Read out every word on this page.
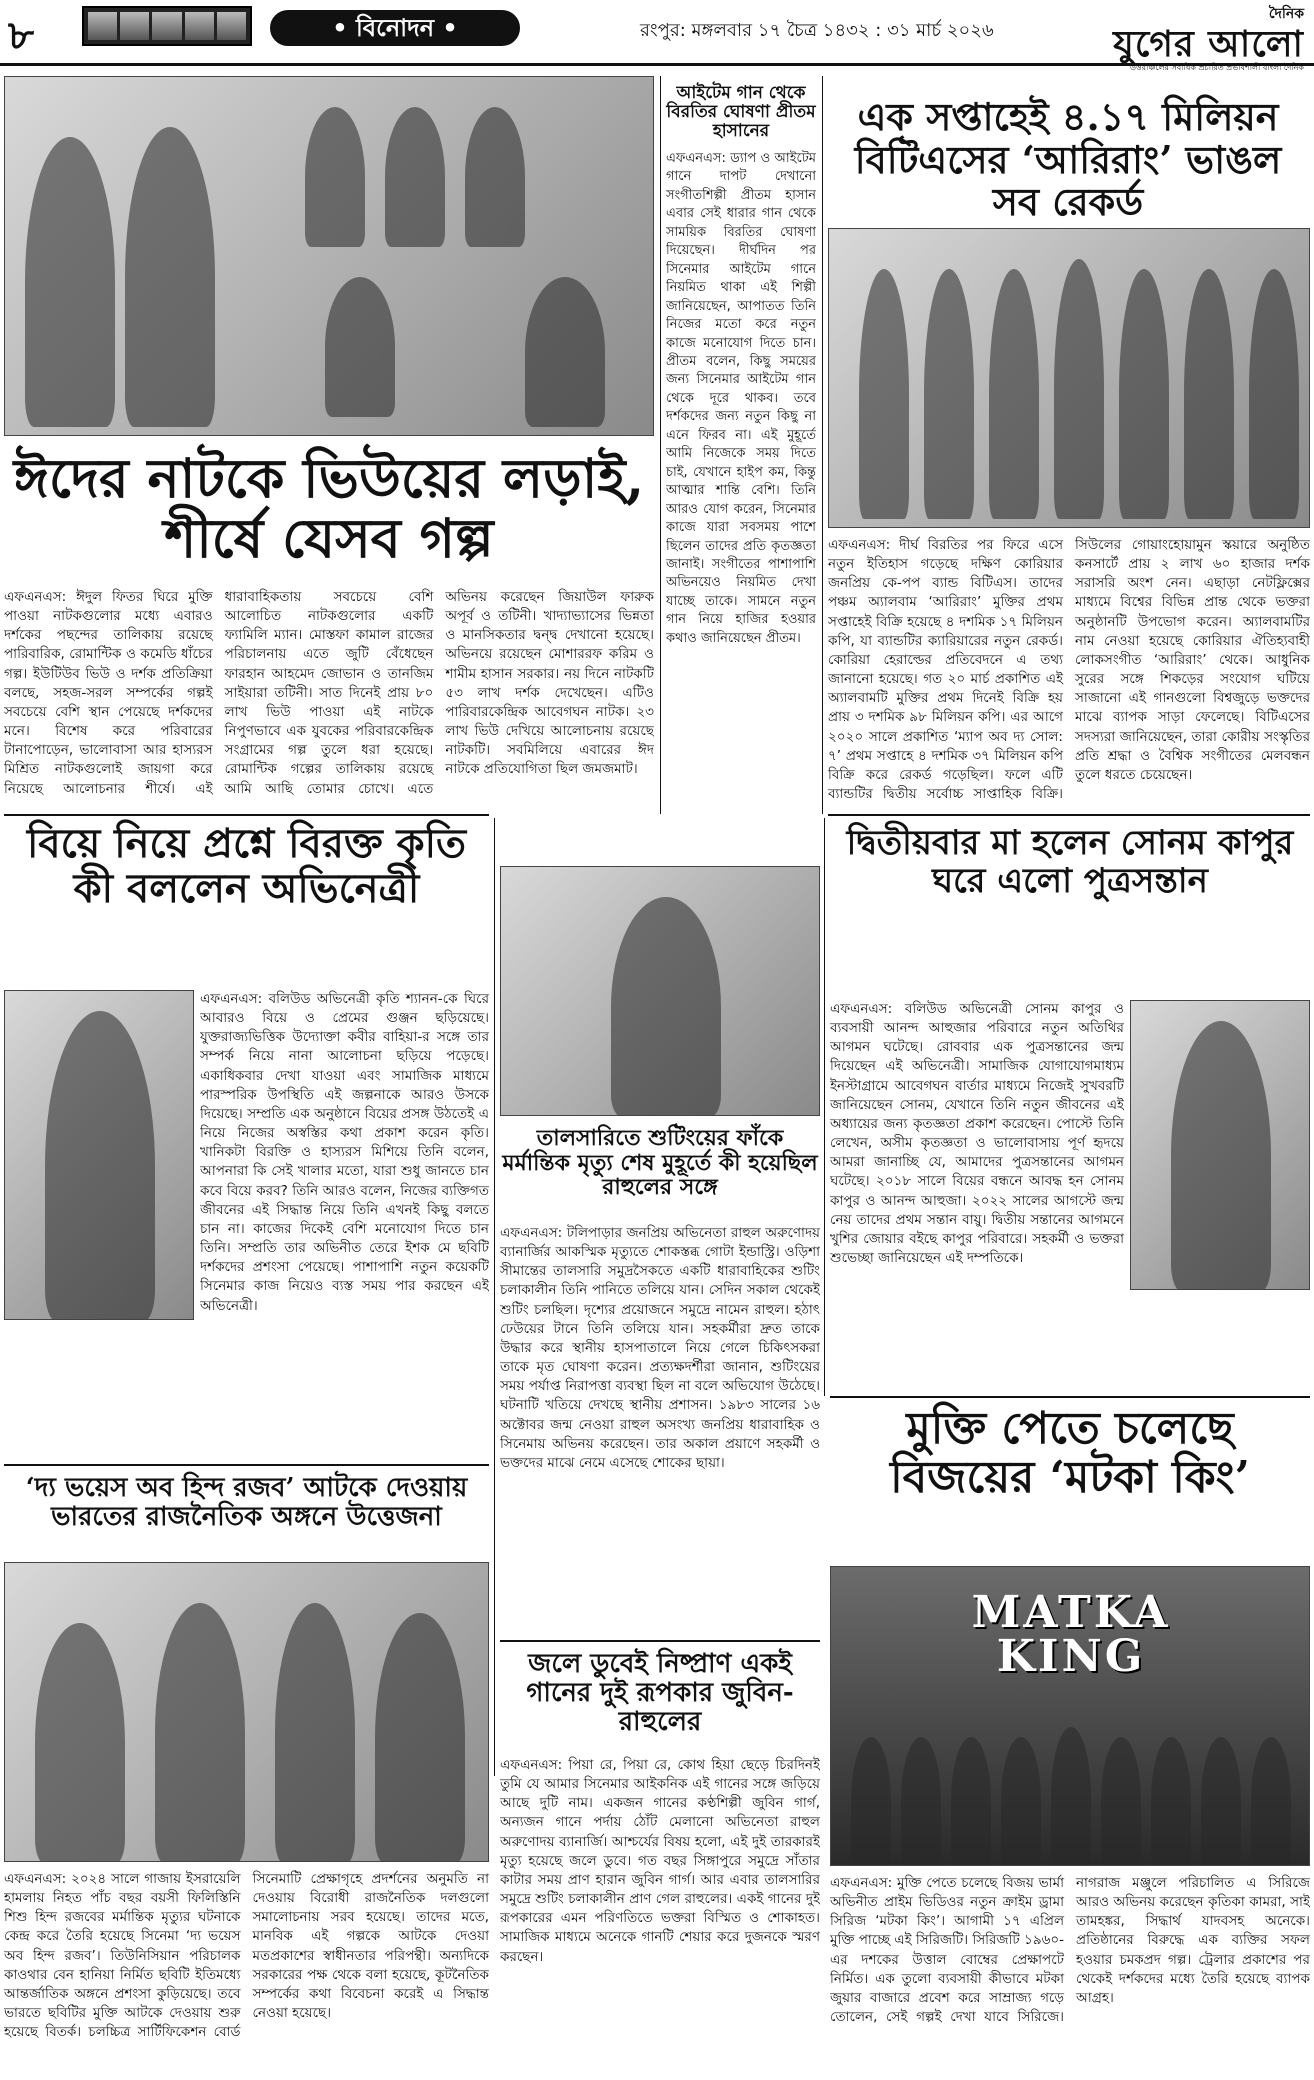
৮	• বিনোদন •	রংপুর: মঙ্গলবার ১৭ চৈত্র ১৪৩২ : ৩১ মার্চ ২০২৬
দৈনিক
যুগের আলো
উত্তরাঞ্চলের সর্বাধিক প্রচারিত প্রভাবশালী বাংলা দৈনিক
ঈদের নাটকে ভিউয়ের লড়াই, শীর্ষে যেসব গল্প
এফএনএস: ঈদুল ফিতর ঘিরে মুক্তি পাওয়া নাটকগুলোর মধ্যে এবারও দর্শকের পছন্দের তালিকায় রয়েছে পারিবারিক, রোমান্টিক ও কমেডি ধাঁচের গল্প। ইউটিউব ভিউ ও দর্শক প্রতিক্রিয়া বলছে, সহজ-সরল সম্পর্কের গল্পই সবচেয়ে বেশি স্থান পেয়েছে দর্শকদের মনে। বিশেষ করে পরিবারের টানাপোড়েন, ভালোবাসা আর হাস্যরস মিশ্রিত নাটকগুলোই জায়গা করে নিয়েছে আলোচনার শীর্ষে। এই ধারাবাহিকতায় সবচেয়ে বেশি আলোচিত নাটকগুলোর একটি ফ্যামিলি ম্যান। মোস্তফা কামাল রাজের পরিচালনায় এতে জুটি বেঁধেছেন ফারহান আহমেদ জোভান ও তানজিম সাইয়ারা তটিনী। সাত দিনেই প্রায় ৮০ লাখ ভিউ পাওয়া এই নাটকে নিপুণভাবে এক যুবকের পরিবারকেন্দ্রিক সংগ্রামের গল্প তুলে ধরা হয়েছে। রোমান্টিক গল্পের তালিকায় রয়েছে আমি আছি তোমার চোখে। এতে অভিনয় করেছেন জিয়াউল ফারুক অপূর্ব ও তটিনী। খাদ্যাভ্যাসের ভিন্নতা ও মানসিকতার দ্বন্দ্ব দেখানো হয়েছে। অভিনয়ে রয়েছেন মোশাররফ করিম ও শামীম হাসান সরকার। নয় দিনে নাটকটি ৫৩ লাখ দর্শক দেখেছেন। এটিও পারিবারকেন্দ্রিক আবেগঘন নাটক। ২৩ লাখ ভিউ দেখিয়ে আলোচনায় রয়েছে নাটকটি। সবমিলিয়ে এবারের ঈদ নাটকে প্রতিযোগিতা ছিল জমজমাট।
আইটেম গান থেকে বিরতির ঘোষণা প্রীতম হাসানের
এফএনএস: ড্যাপ ও আইটেম গানে দাপট দেখানো সংগীতশিল্পী প্রীতম হাসান এবার সেই ধারার গান থেকে সাময়িক বিরতির ঘোষণা দিয়েছেন। দীর্ঘদিন পর সিনেমার আইটেম গানে নিয়মিত থাকা এই শিল্পী জানিয়েছেন, আপাতত তিনি নিজের মতো করে নতুন কাজে মনোযোগ দিতে চান। প্রীতম বলেন, কিছু সময়ের জন্য সিনেমার আইটেম গান থেকে দূরে থাকব। তবে দর্শকদের জন্য নতুন কিছু না এনে ফিরব না। এই মুহূর্তে আমি নিজেকে সময় দিতে চাই, যেখানে হাইপ কম, কিন্তু আত্মার শান্তি বেশি। তিনি আরও যোগ করেন, সিনেমার কাজে যারা সবসময় পাশে ছিলেন তাদের প্রতি কৃতজ্ঞতা জানাই। সংগীতের পাশাপাশি অভিনয়েও নিয়মিত দেখা যাচ্ছে তাকে। সামনে নতুন গান নিয়ে হাজির হওয়ার কথাও জানিয়েছেন প্রীতম।
এক সপ্তাহেই ৪.১৭ মিলিয়ন বিটিএসের ‘আরিরাং’ ভাঙল সব রেকর্ড
এফএনএস: দীর্ঘ বিরতির পর ফিরে এসে নতুন ইতিহাস গড়েছে দক্ষিণ কোরিয়ার জনপ্রিয় কে-পপ ব্যান্ড বিটিএস। তাদের পঞ্চম অ্যালবাম ‘আরিরাং’ মুক্তির প্রথম সপ্তাহেই বিক্রি হয়েছে ৪ দশমিক ১৭ মিলিয়ন কপি, যা ব্যান্ডটির ক্যারিয়ারের নতুন রেকর্ড। কোরিয়া হেরাল্ডের প্রতিবেদনে এ তথ্য জানানো হয়েছে। গত ২০ মার্চ প্রকাশিত এই অ্যালবামটি মুক্তির প্রথম দিনেই বিক্রি হয় প্রায় ৩ দশমিক ৯৮ মিলিয়ন কপি। এর আগে ২০২০ সালে প্রকাশিত ‘ম্যাপ অব দ্য সোল: ৭’ প্রথম সপ্তাহে ৪ দশমিক ৩৭ মিলিয়ন কপি বিক্রি করে রেকর্ড গড়েছিল। ফলে এটি ব্যান্ডটির দ্বিতীয় সর্বোচ্চ সাপ্তাহিক বিক্রি। সিউলের গোয়াংহোয়ামুন স্কয়ারে অনুষ্ঠিত কনসার্টে প্রায় ২ লাখ ৬০ হাজার দর্শক সরাসরি অংশ নেন। এছাড়া নেটফ্লিক্সের মাধ্যমে বিশ্বের বিভিন্ন প্রান্ত থেকে ভক্তরা অনুষ্ঠানটি উপভোগ করেন। অ্যালবামটির নাম নেওয়া হয়েছে কোরিয়ার ঐতিহ্যবাহী লোকসংগীত ‘আরিরাং’ থেকে। আধুনিক সুরের সঙ্গে শিকড়ের সংযোগ ঘটিয়ে সাজানো এই গানগুলো বিশ্বজুড়ে ভক্তদের মাঝে ব্যাপক সাড়া ফেলেছে। বিটিএসের সদস্যরা জানিয়েছেন, তারা কোরীয় সংস্কৃতির প্রতি শ্রদ্ধা ও বৈশ্বিক সংগীতের মেলবন্ধন তুলে ধরতে চেয়েছেন।
বিয়ে নিয়ে প্রশ্নে বিরক্ত কৃতি কী বললেন অভিনেত্রী
এফএনএস: বলিউড অভিনেত্রী কৃতি শ্যানন-কে ঘিরে আবারও বিয়ে ও প্রেমের গুঞ্জন ছড়িয়েছে। যুক্তরাজ্যভিত্তিক উদ্যোক্তা কবীর বাহিয়া-র সঙ্গে তার সম্পর্ক নিয়ে নানা আলোচনা ছড়িয়ে পড়েছে। একাধিকবার দেখা যাওয়া এবং সামাজিক মাধ্যমে পারস্পরিক উপস্থিতি এই জল্পনাকে আরও উসকে দিয়েছে। সম্প্রতি এক অনুষ্ঠানে বিয়ের প্রসঙ্গ উঠতেই এ নিয়ে নিজের অস্বস্তির কথা প্রকাশ করেন কৃতি। খানিকটা বিরক্তি ও হাস্যরস মিশিয়ে তিনি বলেন, আপনারা কি সেই খালার মতো, যারা শুধু জানতে চান কবে বিয়ে করব? তিনি আরও বলেন, নিজের ব্যক্তিগত জীবনের এই সিদ্ধান্ত নিয়ে তিনি এখনই কিছু বলতে চান না। কাজের দিকেই বেশি মনোযোগ দিতে চান তিনি। সম্প্রতি তার অভিনীত তেরে ইশক মে ছবিটি দর্শকদের প্রশংসা পেয়েছে। পাশাপাশি নতুন কয়েকটি সিনেমার কাজ নিয়েও ব্যস্ত সময় পার করছেন এই অভিনেত্রী।
তালসারিতে শুটিংয়ের ফাঁকে মর্মান্তিক মৃত্যু শেষ মুহূর্তে কী হয়েছিল রাহুলের সঙ্গে
এফএনএস: টলিপাড়ার জনপ্রিয় অভিনেতা রাহুল অরুণোদয় ব্যানার্জির আকস্মিক মৃত্যুতে শোকস্তব্ধ গোটা ইন্ডাস্ট্রি। ওড়িশা সীমান্তের তালসারি সমুদ্রসৈকতে একটি ধারাবাহিকের শুটিং চলাকালীন তিনি পানিতে তলিয়ে যান। সেদিন সকাল থেকেই শুটিং চলছিল। দৃশ্যের প্রয়োজনে সমুদ্রে নামেন রাহুল। হঠাৎ ঢেউয়ের টানে তিনি তলিয়ে যান। সহকর্মীরা দ্রুত তাকে উদ্ধার করে স্থানীয় হাসপাতালে নিয়ে গেলে চিকিৎসকরা তাকে মৃত ঘোষণা করেন। প্রত্যক্ষদর্শীরা জানান, শুটিংয়ের সময় পর্যাপ্ত নিরাপত্তা ব্যবস্থা ছিল না বলে অভিযোগ উঠেছে। ঘটনাটি খতিয়ে দেখছে স্থানীয় প্রশাসন। ১৯৮৩ সালের ১৬ অক্টোবর জন্ম নেওয়া রাহুল অসংখ্য জনপ্রিয় ধারাবাহিক ও সিনেমায় অভিনয় করেছেন। তার অকাল প্রয়াণে সহকর্মী ও ভক্তদের মাঝে নেমে এসেছে শোকের ছায়া।
দ্বিতীয়বার মা হলেন সোনম কাপুর ঘরে এলো পুত্রসন্তান
এফএনএস: বলিউড অভিনেত্রী সোনম কাপুর ও ব্যবসায়ী আনন্দ আহুজার পরিবারে নতুন অতিথির আগমন ঘটেছে। রোববার এক পুত্রসন্তানের জন্ম দিয়েছেন এই অভিনেত্রী। সামাজিক যোগাযোগমাধ্যম ইনস্টাগ্রামে আবেগঘন বার্তার মাধ্যমে নিজেই সুখবরটি জানিয়েছেন সোনম, যেখানে তিনি নতুন জীবনের এই অধ্যায়ের জন্য কৃতজ্ঞতা প্রকাশ করেছেন। পোস্টে তিনি লেখেন, অসীম কৃতজ্ঞতা ও ভালোবাসায় পূর্ণ হৃদয়ে আমরা জানাচ্ছি যে, আমাদের পুত্রসন্তানের আগমন ঘটেছে। ২০১৮ সালে বিয়ের বন্ধনে আবদ্ধ হন সোনম কাপুর ও আনন্দ আহুজা। ২০২২ সালের আগস্টে জন্ম নেয় তাদের প্রথম সন্তান বায়ু। দ্বিতীয় সন্তানের আগমনে খুশির জোয়ার বইছে কাপুর পরিবারে। সহকর্মী ও ভক্তরা শুভেচ্ছা জানিয়েছেন এই দম্পতিকে।
‘দ্য ভয়েস অব হিন্দ রজব’ আটকে দেওয়ায় ভারতের রাজনৈতিক অঙ্গনে উত্তেজনা
এফএনএস: ২০২৪ সালে গাজায় ইসরায়েলি হামলায় নিহত পাঁচ বছর বয়সী ফিলিস্তিনি শিশু হিন্দ রজবের মর্মান্তিক মৃত্যুর ঘটনাকে কেন্দ্র করে তৈরি হয়েছে সিনেমা ‘দ্য ভয়েস অব হিন্দ রজব’। তিউনিসিয়ান পরিচালক কাওথার বেন হানিয়া নির্মিত ছবিটি ইতিমধ্যে আন্তর্জাতিক অঙ্গনে প্রশংসা কুড়িয়েছে। তবে ভারতে ছবিটির মুক্তি আটকে দেওয়ায় শুরু হয়েছে বিতর্ক। চলচ্চিত্র সার্টিফিকেশন বোর্ড সিনেমাটি প্রেক্ষাগৃহে প্রদর্শনের অনুমতি না দেওয়ায় বিরোধী রাজনৈতিক দলগুলো সমালোচনায় সরব হয়েছে। তাদের মতে, মানবিক এই গল্পকে আটকে দেওয়া মতপ্রকাশের স্বাধীনতার পরিপন্থী। অন্যদিকে সরকারের পক্ষ থেকে বলা হয়েছে, কূটনৈতিক সম্পর্কের কথা বিবেচনা করেই এ সিদ্ধান্ত নেওয়া হয়েছে।
জলে ডুবেই নিষ্প্রাণ একই গানের দুই রূপকার জুবিন-রাহুলের
এফএনএস: পিয়া রে, পিয়া রে, কোথ হিয়া ছেড়ে চিরদিনই তুমি যে আমার সিনেমার আইকনিক এই গানের সঙ্গে জড়িয়ে আছে দুটি নাম। একজন গানের কণ্ঠশিল্পী জুবিন গার্গ, অন্যজন গানে পর্দায় ঠোঁট মেলানো অভিনেতা রাহুল অরুণোদয় ব্যানার্জি। আশ্চর্যের বিষয় হলো, এই দুই তারকারই মৃত্যু হয়েছে জলে ডুবে। গত বছর সিঙ্গাপুরে সমুদ্রে সাঁতার কাটার সময় প্রাণ হারান জুবিন গার্গ। আর এবার তালসারির সমুদ্রে শুটিং চলাকালীন প্রাণ গেল রাহুলের। একই গানের দুই রূপকারের এমন পরিণতিতে ভক্তরা বিস্মিত ও শোকাহত। সামাজিক মাধ্যমে অনেকে গানটি শেয়ার করে দুজনকে স্মরণ করছেন।
মুক্তি পেতে চলেছে বিজয়ের ‘মটকা কিং’
MATKA KING
এফএনএস: মুক্তি পেতে চলেছে বিজয় ভার্মা অভিনীত প্রাইম ভিডিওর নতুন ক্রাইম ড্রামা সিরিজ ‘মটকা কিং’। আগামী ১৭ এপ্রিল মুক্তি পাচ্ছে এই সিরিজটি। সিরিজটি ১৯৬০-এর দশকের উত্তাল বোম্বের প্রেক্ষাপটে নির্মিত। এক তুলো ব্যবসায়ী কীভাবে মটকা জুয়ার বাজারে প্রবেশ করে সাম্রাজ্য গড়ে তোলেন, সেই গল্পই দেখা যাবে সিরিজে। নাগরাজ মঞ্জুলে পরিচালিত এ সিরিজে আরও অভিনয় করেছেন কৃতিকা কামরা, সাই তামহঙ্কর, সিদ্ধার্থ যাদবসহ অনেকে। প্রতিষ্ঠানের বিরুদ্ধে এক ব্যক্তির সফল হওয়ার চমকপ্রদ গল্প। ট্রেলার প্রকাশের পর থেকেই দর্শকদের মধ্যে তৈরি হয়েছে ব্যাপক আগ্রহ।
